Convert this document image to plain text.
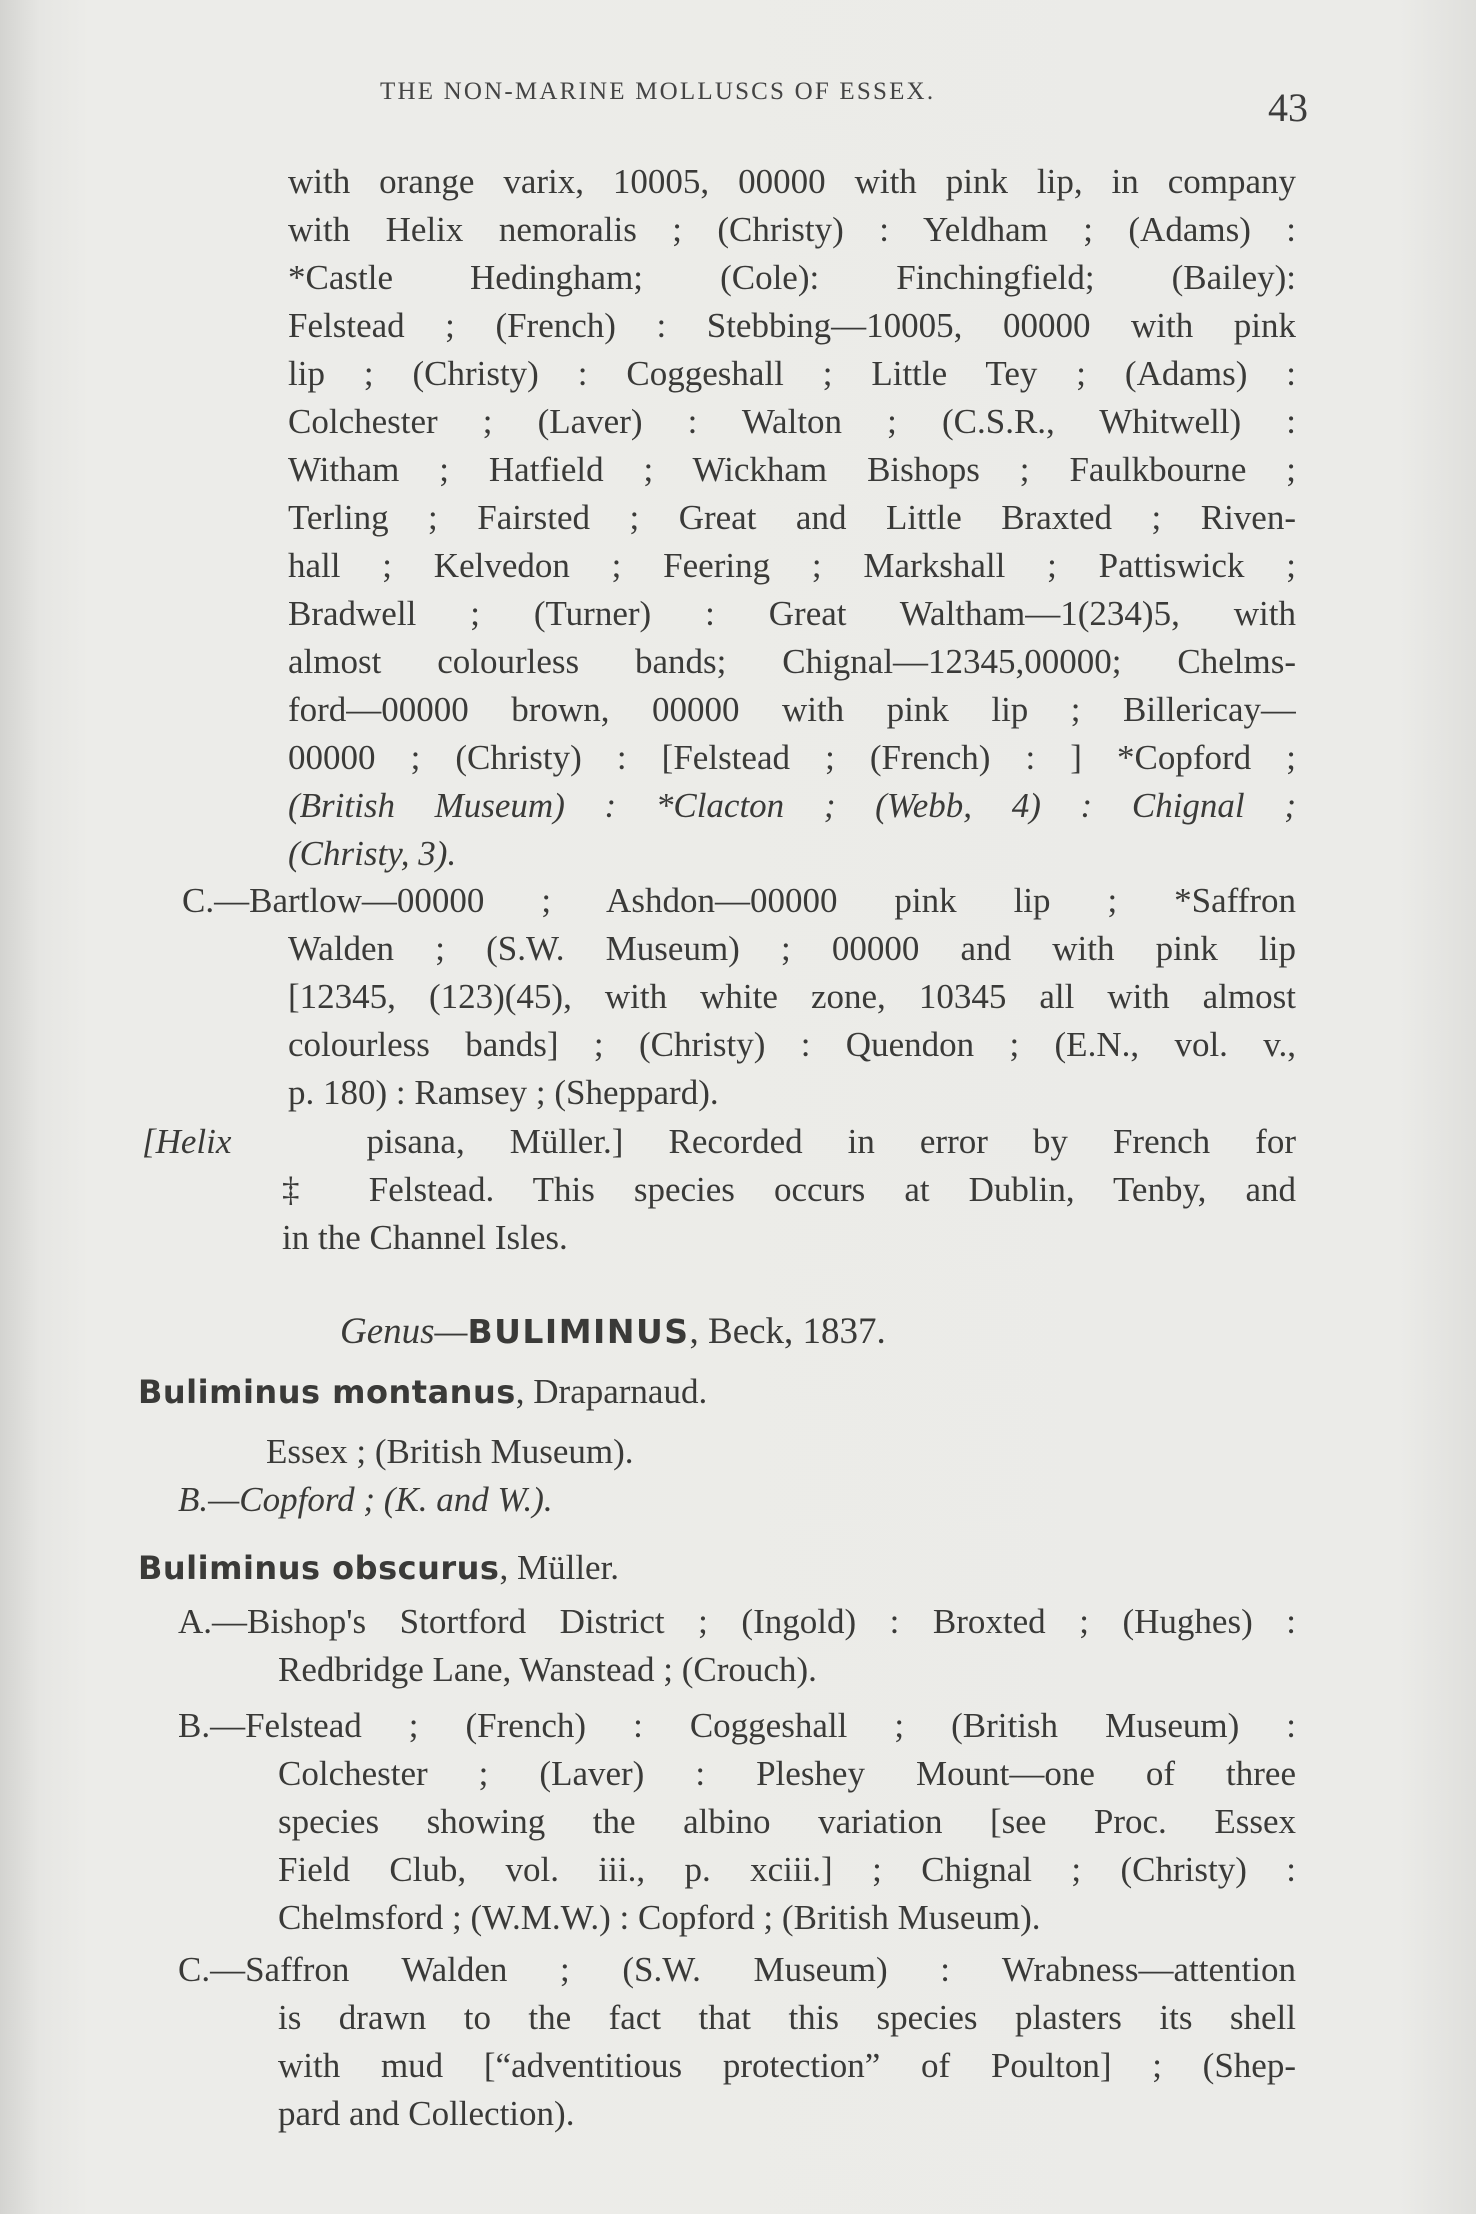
THE NON-MARINE MOLLUSCS OF ESSEX.	43
with orange varix, 10005, 00000 with pink lip, in company
with Helix nemoralis ; (Christy) : Yeldham ; (Adams) :
*Castle Hedingham; (Cole): Finchingfield; (Bailey):
Felstead ; (French) : Stebbing—10005, 00000 with pink
lip ; (Christy) : Coggeshall ; Little Tey ; (Adams) :
Colchester ; (Laver) : Walton ; (C.S.R., Whitwell) :
Witham ; Hatfield ; Wickham Bishops ; Faulkbourne ;
Terling ; Fairsted ; Great and Little Braxted ; Riven-
hall ; Kelvedon ; Feering ; Markshall ; Pattiswick ;
Bradwell ; (Turner) : Great Waltham—1(234)5, with
almost colourless bands; Chignal—12345,00000; Chelms-
ford—00000 brown, 00000 with pink lip ; Billericay—
00000 ; (Christy) : [Felstead ; (French) : ] *Copford ;
(British Museum) : *Clacton ; (Webb, 4) : Chignal ;
(Christy, 3).
C.—Bartlow—00000 ; Ashdon—00000 pink lip ; *Saffron
Walden ; (S.W. Museum) ; 00000 and with pink lip
[12345, (123)(45), with white zone, 10345 all with almost
colourless bands] ; (Christy) : Quendon ; (E.N., vol. v.,
p. 180) : Ramsey ; (Sheppard).
[Helix	pisana, Müller.] Recorded in error by French for
‡ Felstead. This species occurs at Dublin, Tenby, and
in the Channel Isles.
Genus—BULIMINUS, Beck, 1837.
Buliminus montanus, Draparnaud.
Essex ; (British Museum).
B.—Copford ; (K. and W.).
Buliminus obscurus, Müller.
A.—Bishop's Stortford District ; (Ingold) : Broxted ; (Hughes) :
Redbridge Lane, Wanstead ; (Crouch).
B.—Felstead ; (French) : Coggeshall ; (British Museum) :
Colchester ; (Laver) : Pleshey Mount—one of three
species showing the albino variation [see Proc. Essex
Field Club, vol. iii., p. xciii.] ; Chignal ; (Christy) :
Chelmsford ; (W.M.W.) : Copford ; (British Museum).
C.—Saffron Walden ; (S.W. Museum) : Wrabness—attention
is drawn to the fact that this species plasters its shell
with mud [“adventitious protection” of Poulton] ; (Shep-
pard and Collection).
